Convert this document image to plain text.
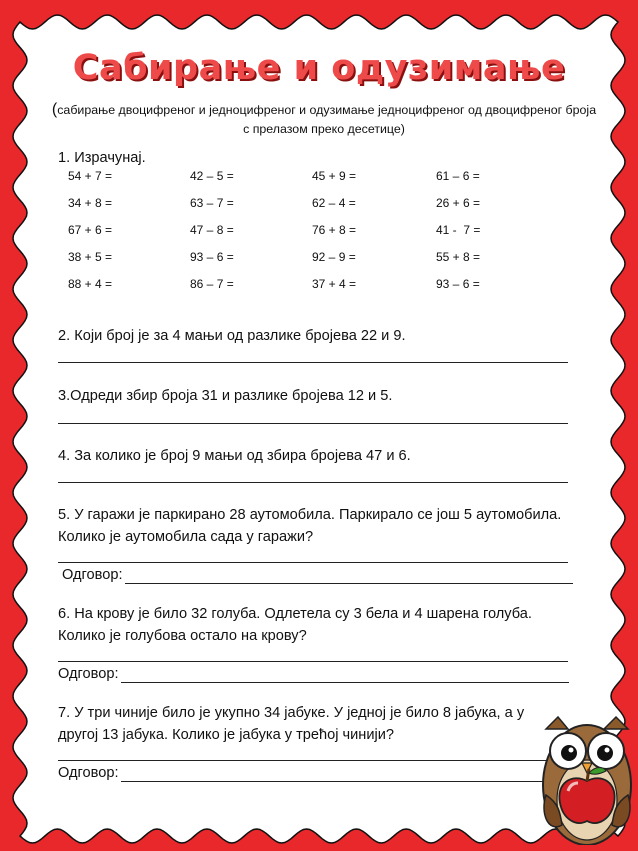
Сабирање и одузимање
(сабирање двоцифреног и једноцифреног и одузимање једноцифреног од двоцифреног броја с прелазом преко десетице)
1. Израчунај.
54 + 7 =	42 – 5 =	45 + 9 =	61 – 6 =
34 + 8 =	63 – 7 =	62 – 4 =	26 + 6 =
67 + 6 =	47 – 8 =	76 + 8 =	41 -  7 =
38 + 5 =	93 – 6 =	92 – 9 =	55 + 8 =
88 + 4 =	86 – 7 =	37 + 4 =	93 – 6 =
2. Који број је за 4 мањи од разлике бројева 22 и 9.
3.Одреди збир броја 31 и разлике бројева 12 и 5.
4. За колико је број 9 мањи од збира бројева 47 и 6.
5. У гаражи је паркирано 28 аутомобила. Паркирало се још 5 аутомобила.
Колико је аутомобила сада у гаражи?
Одговор:
6. На крову је било 32 голуба. Одлетела су 3 бела и 4 шарена голуба.
Колико је голубова остало на крову?
Одговор:
7. У три чиније било је укупно 34 јабуке. У једној је било 8 јабука, а у
другој 13 јабука. Колико је јабука у трећој чинији?
Одговор:
